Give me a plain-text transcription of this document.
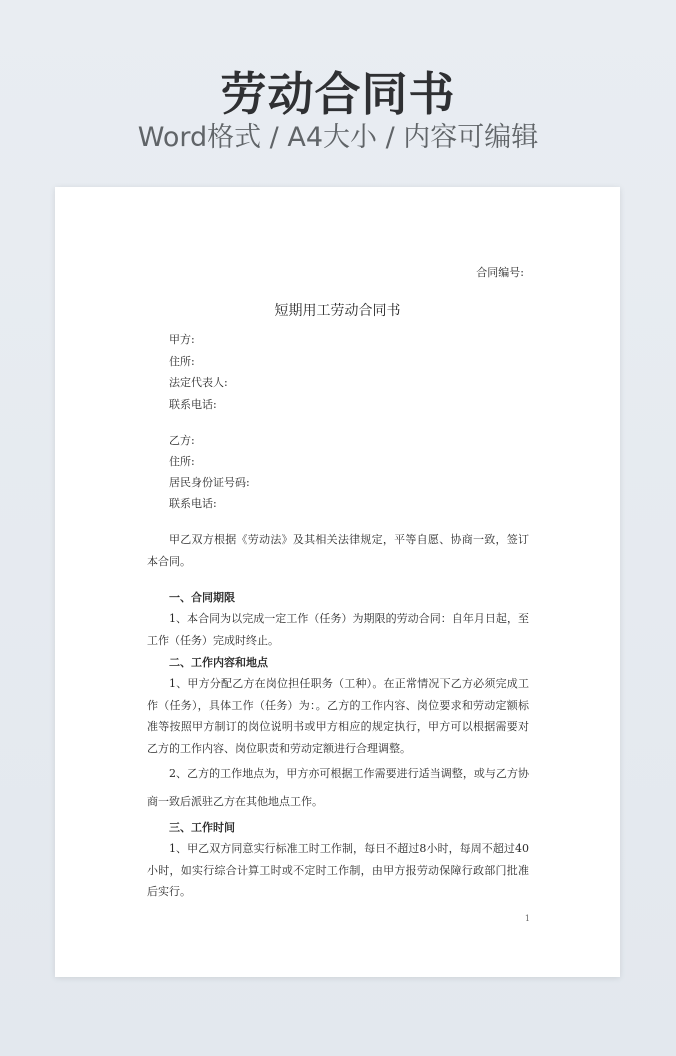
劳动合同书
Word格式 / A4大小 / 内容可编辑
合同编号:
短期用工劳动合同书
甲方:
住所:
法定代表人:
联系电话:
乙方:
住所:
居民身份证号码:
联系电话:
甲乙双方根据《劳动法》及其相关法律规定，平等自愿、协商一致，签订本合同。
一、合同期限
1、本合同为以完成一定工作（任务）为期限的劳动合同：自年月日起，至工作（任务）完成时终止。
二、工作内容和地点
1、甲方分配乙方在岗位担任职务（工种）。在正常情况下乙方必须完成工作（任务），具体工作（任务）为：。乙方的工作内容、岗位要求和劳动定额标准等按照甲方制订的岗位说明书或甲方相应的规定执行，甲方可以根据需要对乙方的工作内容、岗位职责和劳动定额进行合理调整。
2、乙方的工作地点为，甲方亦可根据工作需要进行适当调整，或与乙方协商一致后派驻乙方在其他地点工作。
三、工作时间
1、甲乙双方同意实行标准工时工作制，每日不超过8小时，每周不超过40小时，如实行综合计算工时或不定时工作制，由甲方报劳动保障行政部门批准后实行。
1
